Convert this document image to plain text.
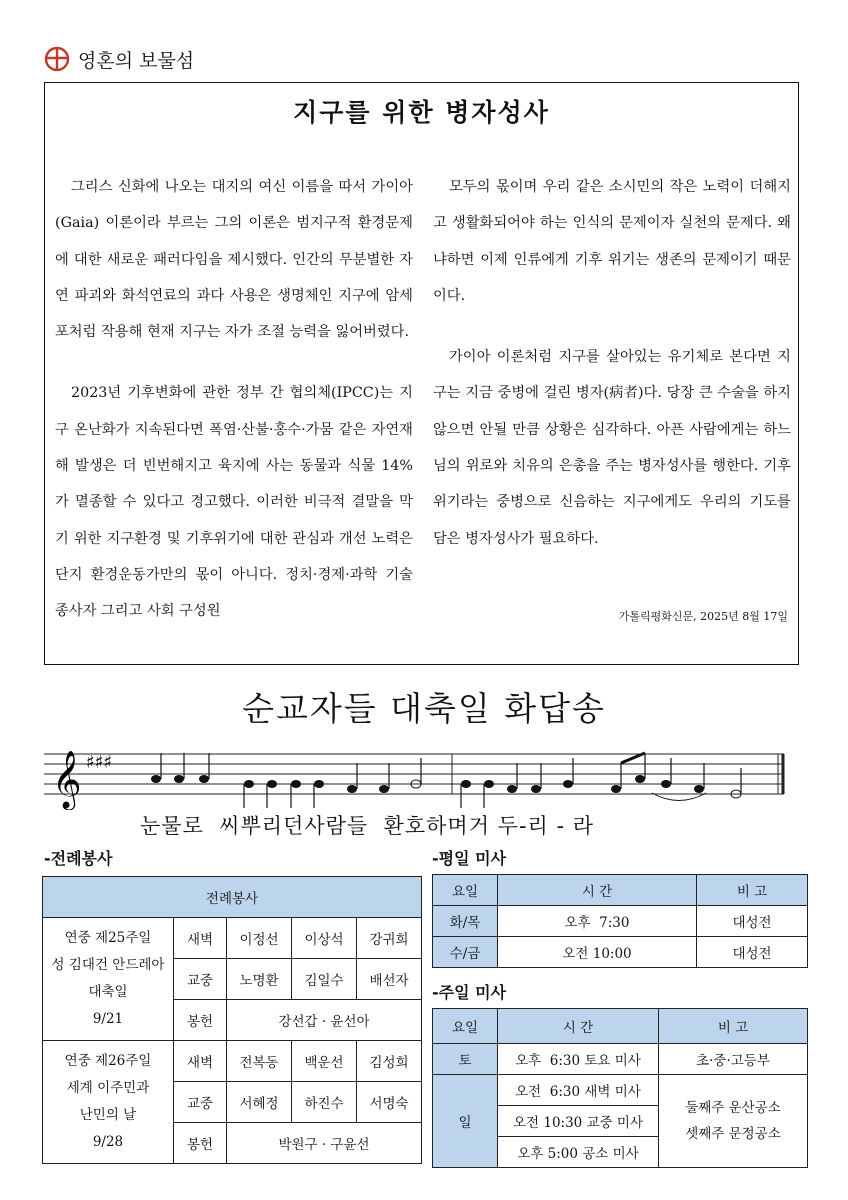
영혼의 보물섬
지구를 위한 병자성사

그리스 신화에 나오는 대지의 여신 이름을 따서 가이아(Gaia) 이론이라 부르는 그의 이론은 범지구적 환경문제에 대한 새로운 패러다임을 제시했다. 인간의 무분별한 자연 파괴와 화석연료의 과다 사용은 생명체인 지구에 암세포처럼 작용해 현재 지구는 자가 조절 능력을 잃어버렸다.

2023년 기후변화에 관한 정부 간 협의체(IPCC)는 지구 온난화가 지속된다면 폭염·산불·홍수·가뭄 같은 자연재해 발생은 더 빈번해지고 육지에 사는 동물과 식물 14%가 멸종할 수 있다고 경고했다. 이러한 비극적 결말을 막기 위한 지구환경 및 기후위기에 대한 관심과 개선 노력은 단지 환경운동가만의 몫이 아니다. 정치·경제·과학 기술 종사자 그리고 사회 구성원

모두의 몫이며 우리 같은 소시민의 작은 노력이 더해지고 생활화되어야 하는 인식의 문제이자 실천의 문제다. 왜냐하면 이제 인류에게 기후 위기는 생존의 문제이기 때문이다.

가이아 이론처럼 지구를 살아있는 유기체로 본다면 지구는 지금 중병에 걸린 병자(病者)다. 당장 큰 수술을 하지 않으면 안될 만큼 상황은 심각하다. 아픈 사람에게는 하느님의 위로와 치유의 은총을 주는 병자성사를 행한다. 기후위기라는 중병으로 신음하는 지구에게도 우리의 기도를 담은 병자성사가 필요하다.

가톨릭평화신문, 2025년 8월 17일
순교자들 대축일 화답송
𝄞 ♯♯♯
눈물로  씨뿌리던사람들  환호하며거 두-리 - 라
-전례봉사
전례봉사				

연중 제25주일
성 김대건 안드레아
대축일
9/21	새벽	이정선	이상석	강귀희
	교중	노명환	김일수	배선자
	봉헌	강선갑 · 윤선아		

연중 제26주일
세계 이주민과
난민의 날
9/28	새벽	전복동	백운선	김성희
	교중	서혜정	하진수	서명숙
	봉헌	박원구 · 구윤선		
-평일 미사
요일	시 간	비 고
화/목	오후  7:30	대성전
수/금	오전 10:00	대성전
-주일 미사
요일	시 간	비 고
토	오후  6:30 토요 미사	초·중·고등부
일	오전  6:30 새벽 미사	둘째주 운산공소
셋째주 문정공소

	오전 10:30 교중 미사	
	오후 5:00 공소 미사	
